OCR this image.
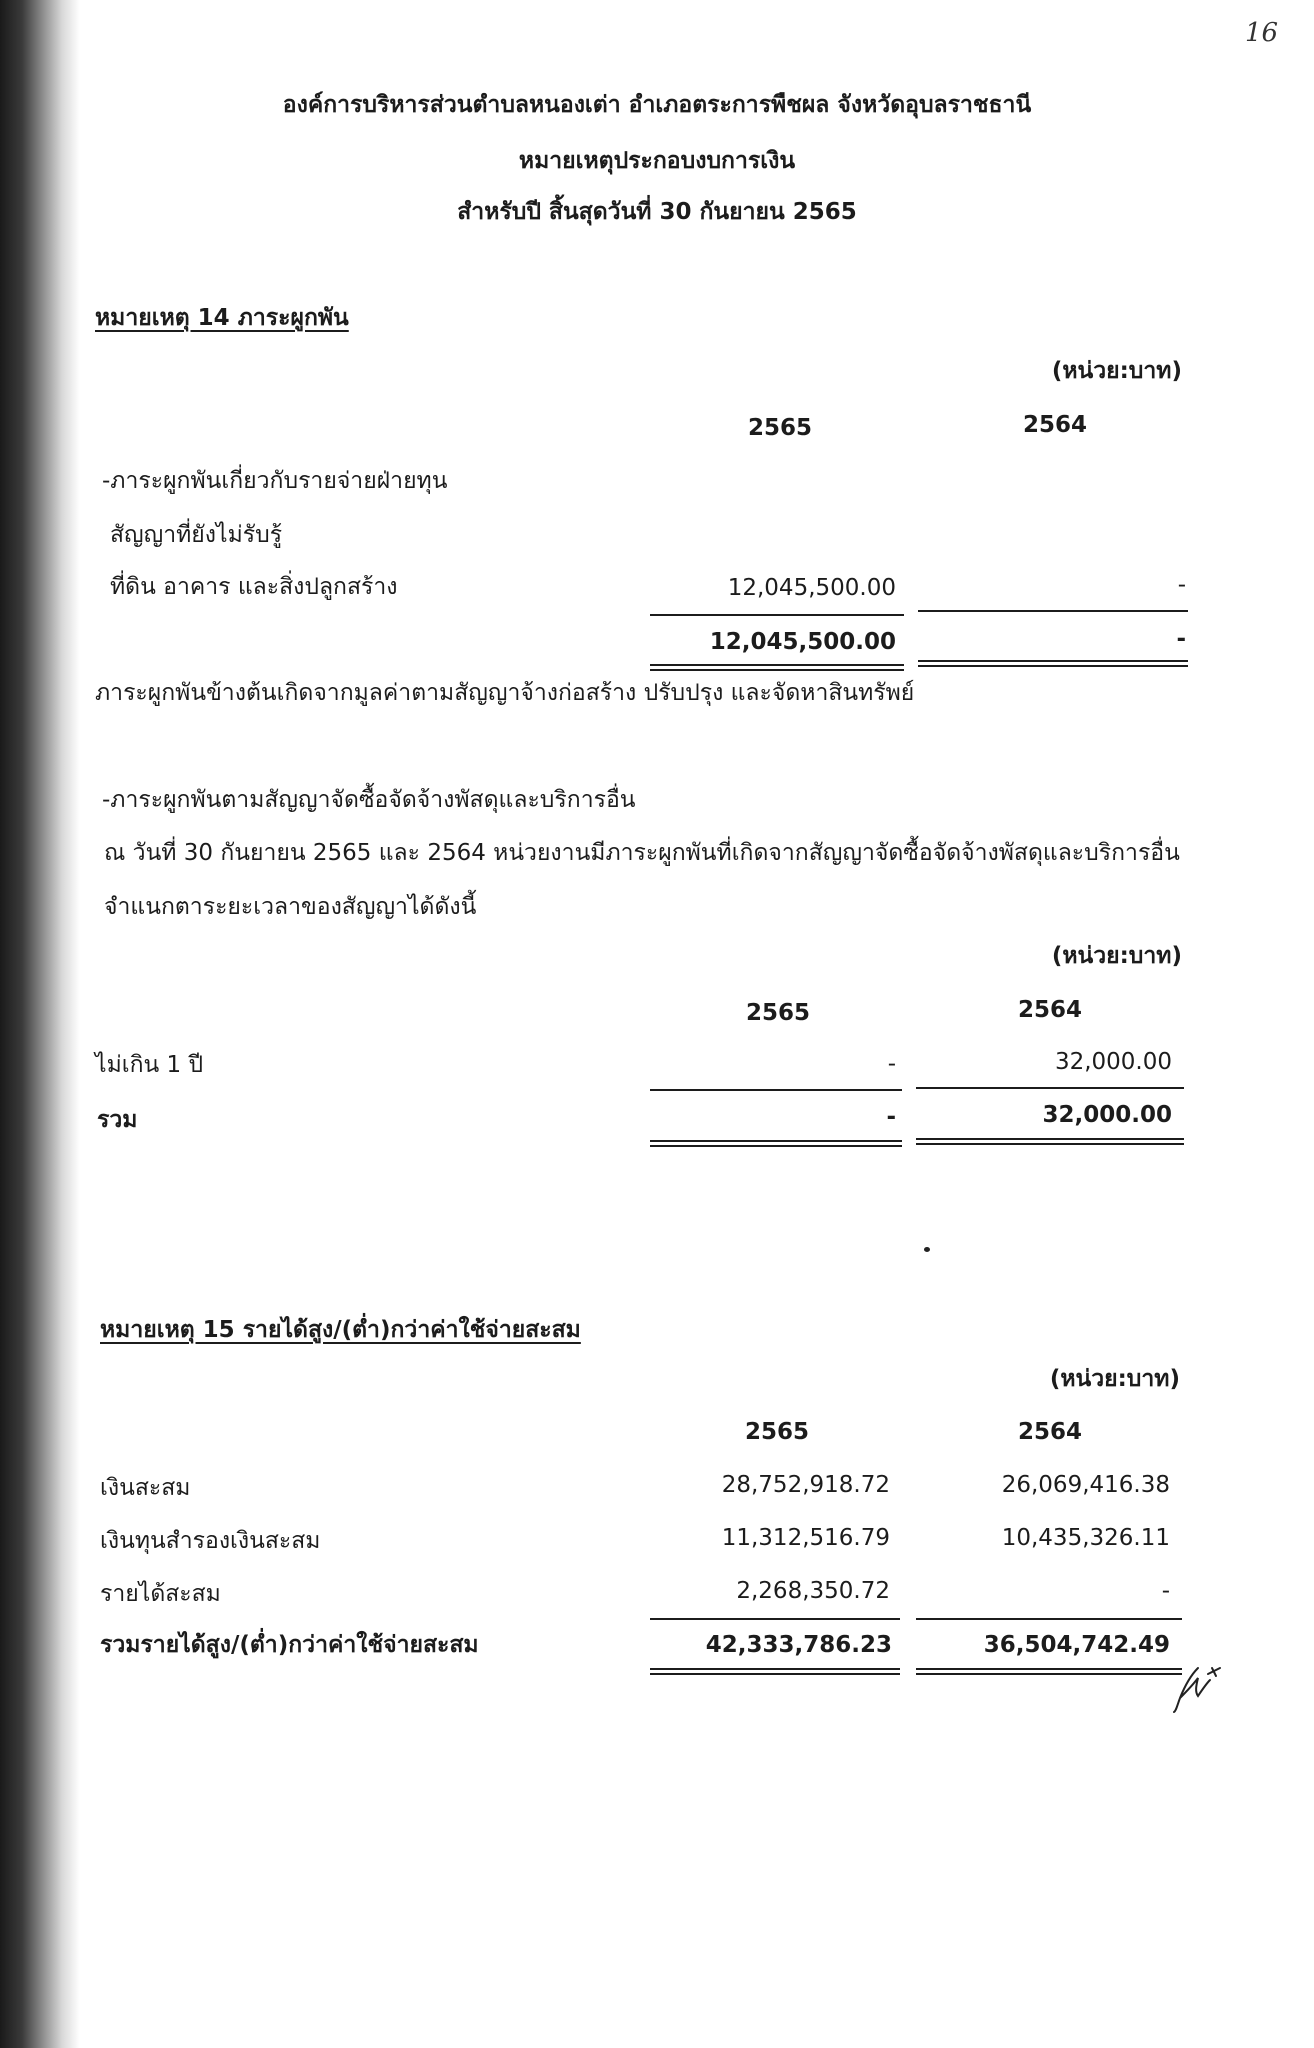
16
องค์การบริหารส่วนตำบลหนองเต่า อำเภอตระการพืชผล จังหวัดอุบลราชธานี
หมายเหตุประกอบงบการเงิน
สำหรับปี สิ้นสุดวันที่ 30 กันยายน 2565
หมายเหตุ 14 ภาระผูกพัน
(หน่วย:บาท)
2565	2564
-ภาระผูกพันเกี่ยวกับรายจ่ายฝ่ายทุน
สัญญาที่ยังไม่รับรู้
ที่ดิน อาคาร และสิ่งปลูกสร้าง	12,045,500.00	-
12,045,500.00	-
ภาระผูกพันข้างต้นเกิดจากมูลค่าตามสัญญาจ้างก่อสร้าง ปรับปรุง และจัดหาสินทรัพย์
-ภาระผูกพันตามสัญญาจัดซื้อจัดจ้างพัสดุและบริการอื่น
ณ วันที่ 30 กันยายน 2565 และ 2564 หน่วยงานมีภาระผูกพันที่เกิดจากสัญญาจัดซื้อจัดจ้างพัสดุและบริการอื่น
จำแนกตาระยะเวลาของสัญญาได้ดังนี้
(หน่วย:บาท)
2565	2564
ไม่เกิน 1 ปี	-	32,000.00
รวม	-	32,000.00
หมายเหตุ 15 รายได้สูง/(ต่ำ)กว่าค่าใช้จ่ายสะสม
(หน่วย:บาท)
2565	2564
เงินสะสม	28,752,918.72	26,069,416.38
เงินทุนสำรองเงินสะสม	11,312,516.79	10,435,326.11
รายได้สะสม	2,268,350.72	-
รวมรายได้สูง/(ต่ำ)กว่าค่าใช้จ่ายสะสม	42,333,786.23	36,504,742.49
